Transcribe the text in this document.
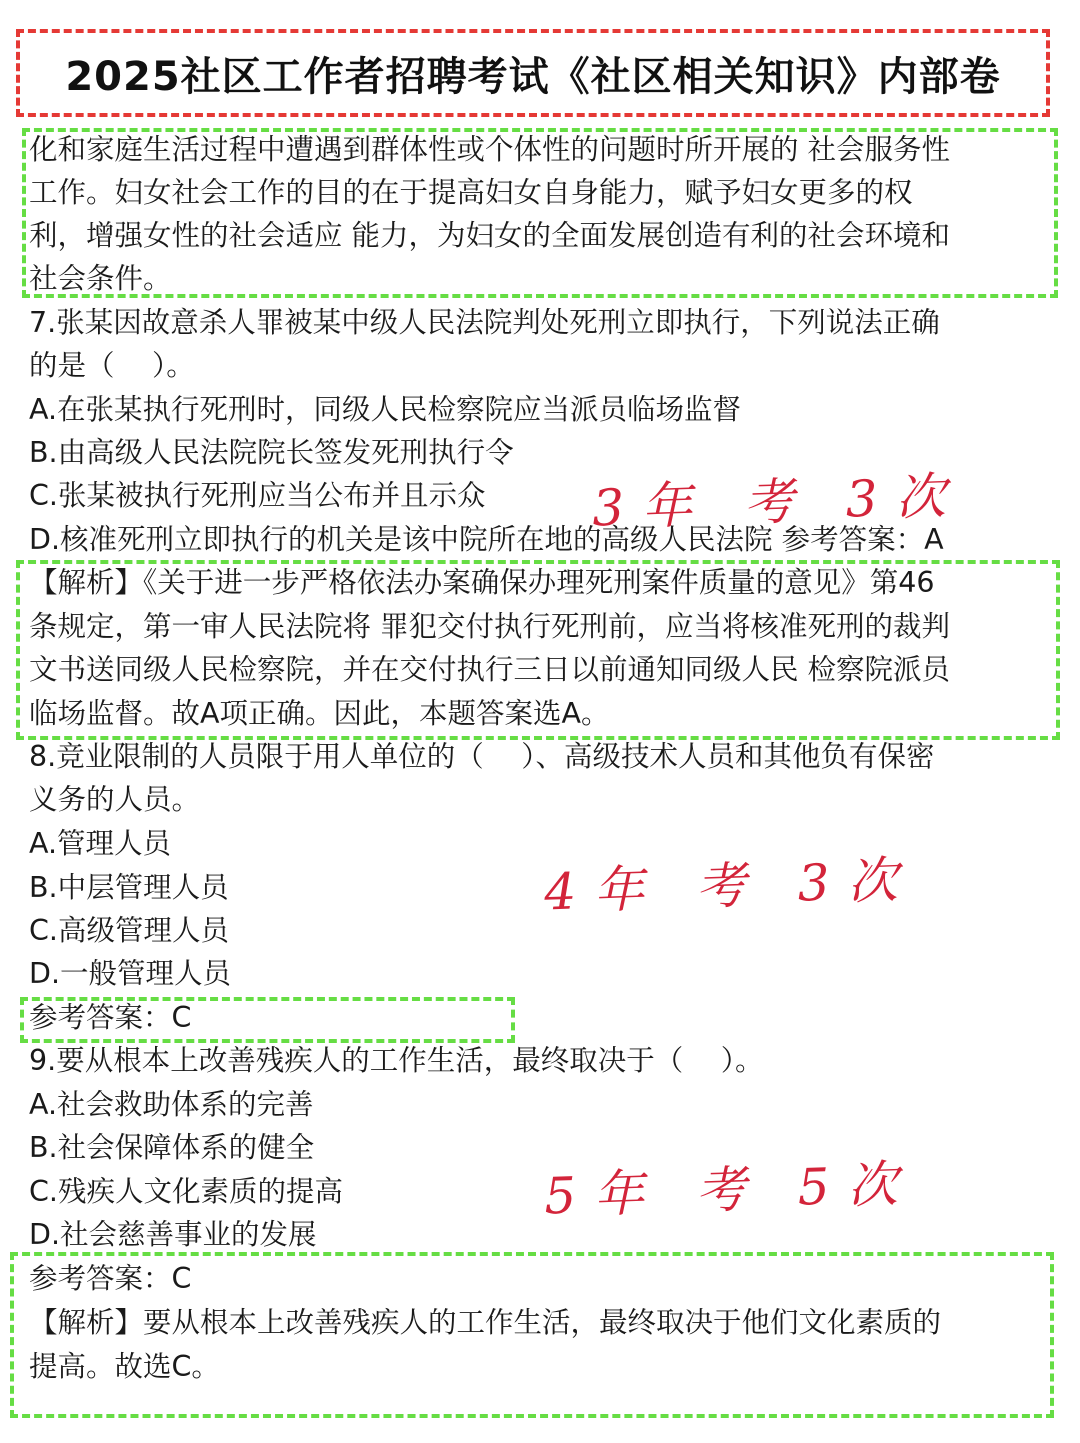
2025社区工作者招聘考试《社区相关知识》内部卷
化和家庭生活过程中遭遇到群体性或个体性的问题时所开展的 社会服务性
工作。妇女社会工作的目的在于提高妇女自身能力，赋予妇女更多的权
利，增强女性的社会适应 能力，为妇女的全面发展创造有利的社会环境和
社会条件。
7.张某因故意杀人罪被某中级人民法院判处死刑立即执行，下列说法正确
的是（　 ）。
A.在张某执行死刑时，同级人民检察院应当派员临场监督
B.由高级人民法院院长签发死刑执行令
C.张某被执行死刑应当公布并且示众
D.核准死刑立即执行的机关是该中院所在地的高级人民法院 参考答案：A
3年 考 3次
【解析】《关于进一步严格依法办案确保办理死刑案件质量的意见》第46
条规定，第一审人民法院将 罪犯交付执行死刑前，应当将核准死刑的裁判
文书送同级人民检察院，并在交付执行三日以前通知同级人民 检察院派员
临场监督。故A项正确。因此，本题答案选A。
8.竞业限制的人员限于用人单位的（　 ）、高级技术人员和其他负有保密
义务的人员。
A.管理人员
B.中层管理人员
C.高级管理人员
D.一般管理人员
4年 考 3次
参考答案：C
9.要从根本上改善残疾人的工作生活，最终取决于（　 ）。
A.社会救助体系的完善
B.社会保障体系的健全
C.残疾人文化素质的提高
D.社会慈善事业的发展
5年 考 5次
参考答案：C
【解析】要从根本上改善残疾人的工作生活，最终取决于他们文化素质的
提高。故选C。
